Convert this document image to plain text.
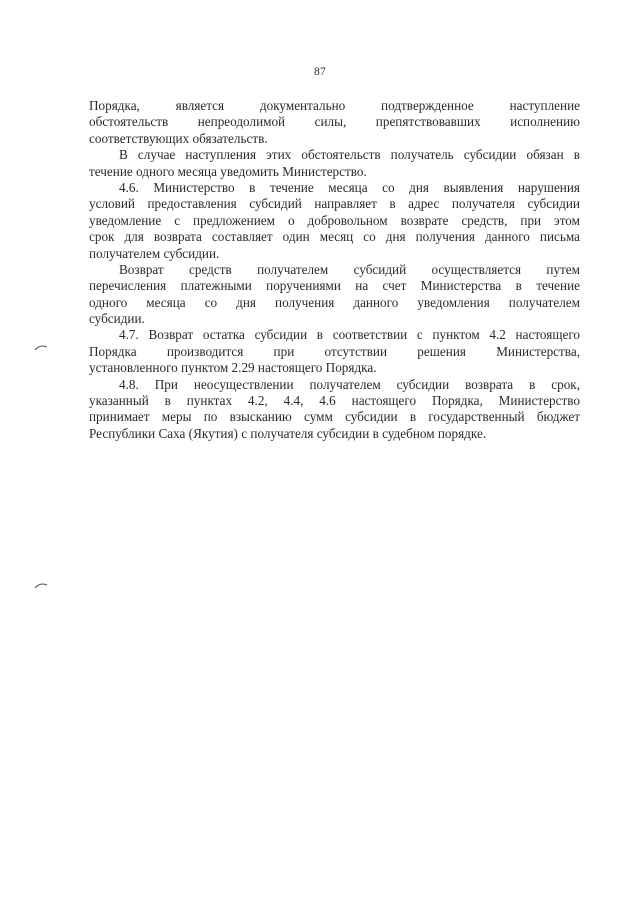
87
Порядка, является документально подтвержденное наступление
обстоятельств непреодолимой силы, препятствовавших исполнению
соответствующих обязательств.
В случае наступления этих обстоятельств получатель субсидии обязан в
течение одного месяца уведомить Министерство.
4.6. Министерство в течение месяца со дня выявления нарушения
условий предоставления субсидий направляет в адрес получателя субсидии
уведомление с предложением о добровольном возврате средств, при этом
срок для возврата составляет один месяц со дня получения данного письма
получателем субсидии.
Возврат средств получателем субсидий осуществляется путем
перечисления платежными поручениями на счет Министерства в течение
одного месяца со дня получения данного уведомления получателем
субсидии.
4.7. Возврат остатка субсидии в соответствии с пунктом 4.2 настоящего
Порядка производится при отсутствии решения Министерства,
установленного пунктом 2.29 настоящего Порядка.
4.8. При неосуществлении получателем субсидии возврата в срок,
указанный в пунктах 4.2, 4.4, 4.6 настоящего Порядка, Министерство
принимает меры по взысканию сумм субсидии в государственный бюджет
Республики Саха (Якутия) с получателя субсидии в судебном порядке.
